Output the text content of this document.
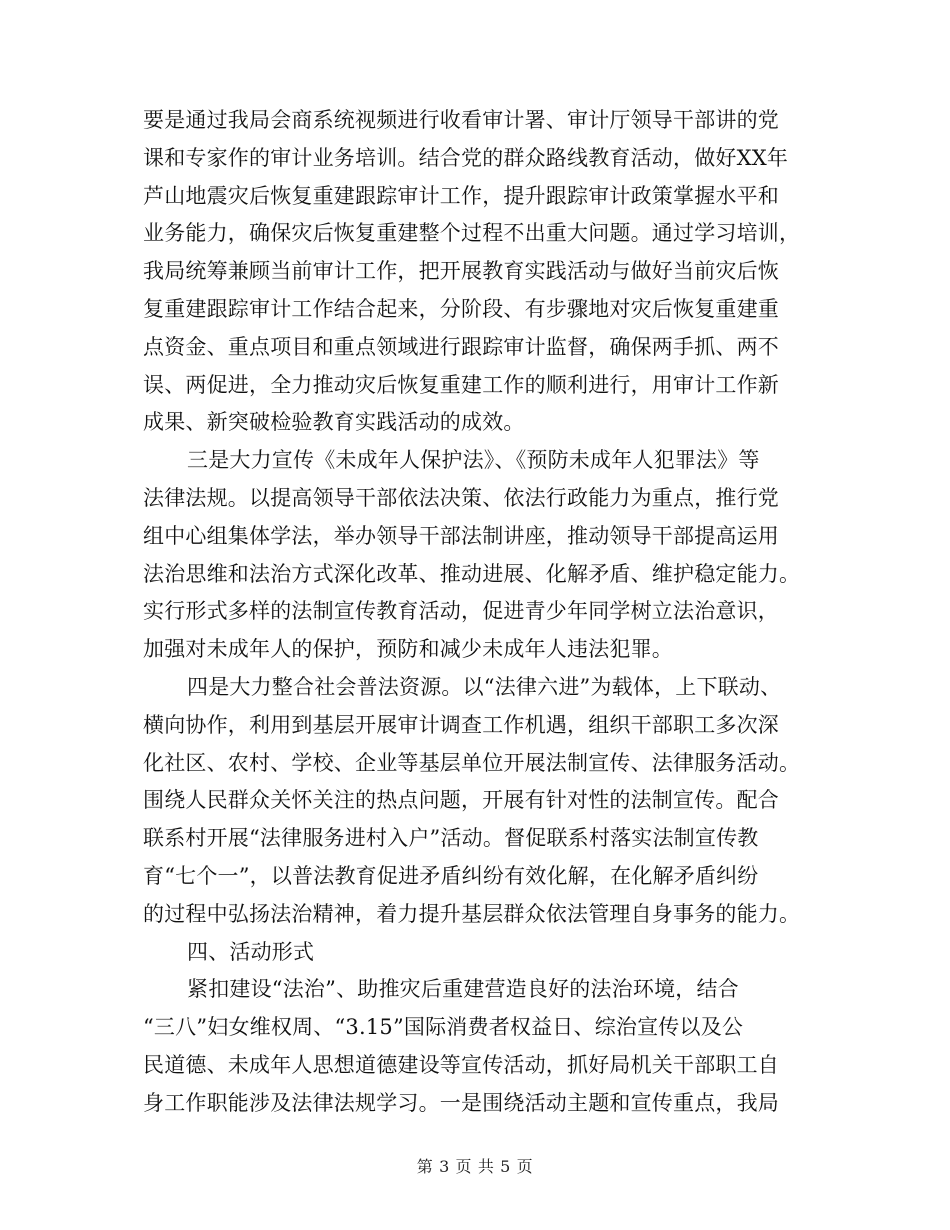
要是通过我局会商系统视频进行收看审计署、审计厅领导干部讲的党
课和专家作的审计业务培训。结合党的群众路线教育活动，做好XX年
芦山地震灾后恢复重建跟踪审计工作，提升跟踪审计政策掌握水平和
业务能力，确保灾后恢复重建整个过程不出重大问题。通过学习培训，
我局统筹兼顾当前审计工作，把开展教育实践活动与做好当前灾后恢
复重建跟踪审计工作结合起来，分阶段、有步骤地对灾后恢复重建重
点资金、重点项目和重点领域进行跟踪审计监督，确保两手抓、两不
误、两促进，全力推动灾后恢复重建工作的顺利进行，用审计工作新
成果、新突破检验教育实践活动的成效。
三是大力宣传《未成年人保护法》、《预防未成年人犯罪法》等
法律法规。以提高领导干部依法决策、依法行政能力为重点，推行党
组中心组集体学法，举办领导干部法制讲座，推动领导干部提高运用
法治思维和法治方式深化改革、推动进展、化解矛盾、维护稳定能力。
实行形式多样的法制宣传教育活动，促进青少年同学树立法治意识，
加强对未成年人的保护，预防和减少未成年人违法犯罪。
四是大力整合社会普法资源。以“法律六进”为载体，上下联动、
横向协作，利用到基层开展审计调查工作机遇，组织干部职工多次深
化社区、农村、学校、企业等基层单位开展法制宣传、法律服务活动。
围绕人民群众关怀关注的热点问题，开展有针对性的法制宣传。配合
联系村开展“法律服务进村入户”活动。督促联系村落实法制宣传教
育“七个一”，以普法教育促进矛盾纠纷有效化解，在化解矛盾纠纷
的过程中弘扬法治精神，着力提升基层群众依法管理自身事务的能力。
四、活动形式
紧扣建设“法治”、助推灾后重建营造良好的法治环境，结合
“三八”妇女维权周、“3.15”国际消费者权益日、综治宣传以及公
民道德、未成年人思想道德建设等宣传活动，抓好局机关干部职工自
身工作职能涉及法律法规学习。一是围绕活动主题和宣传重点，我局
第 3 页 共 5 页
